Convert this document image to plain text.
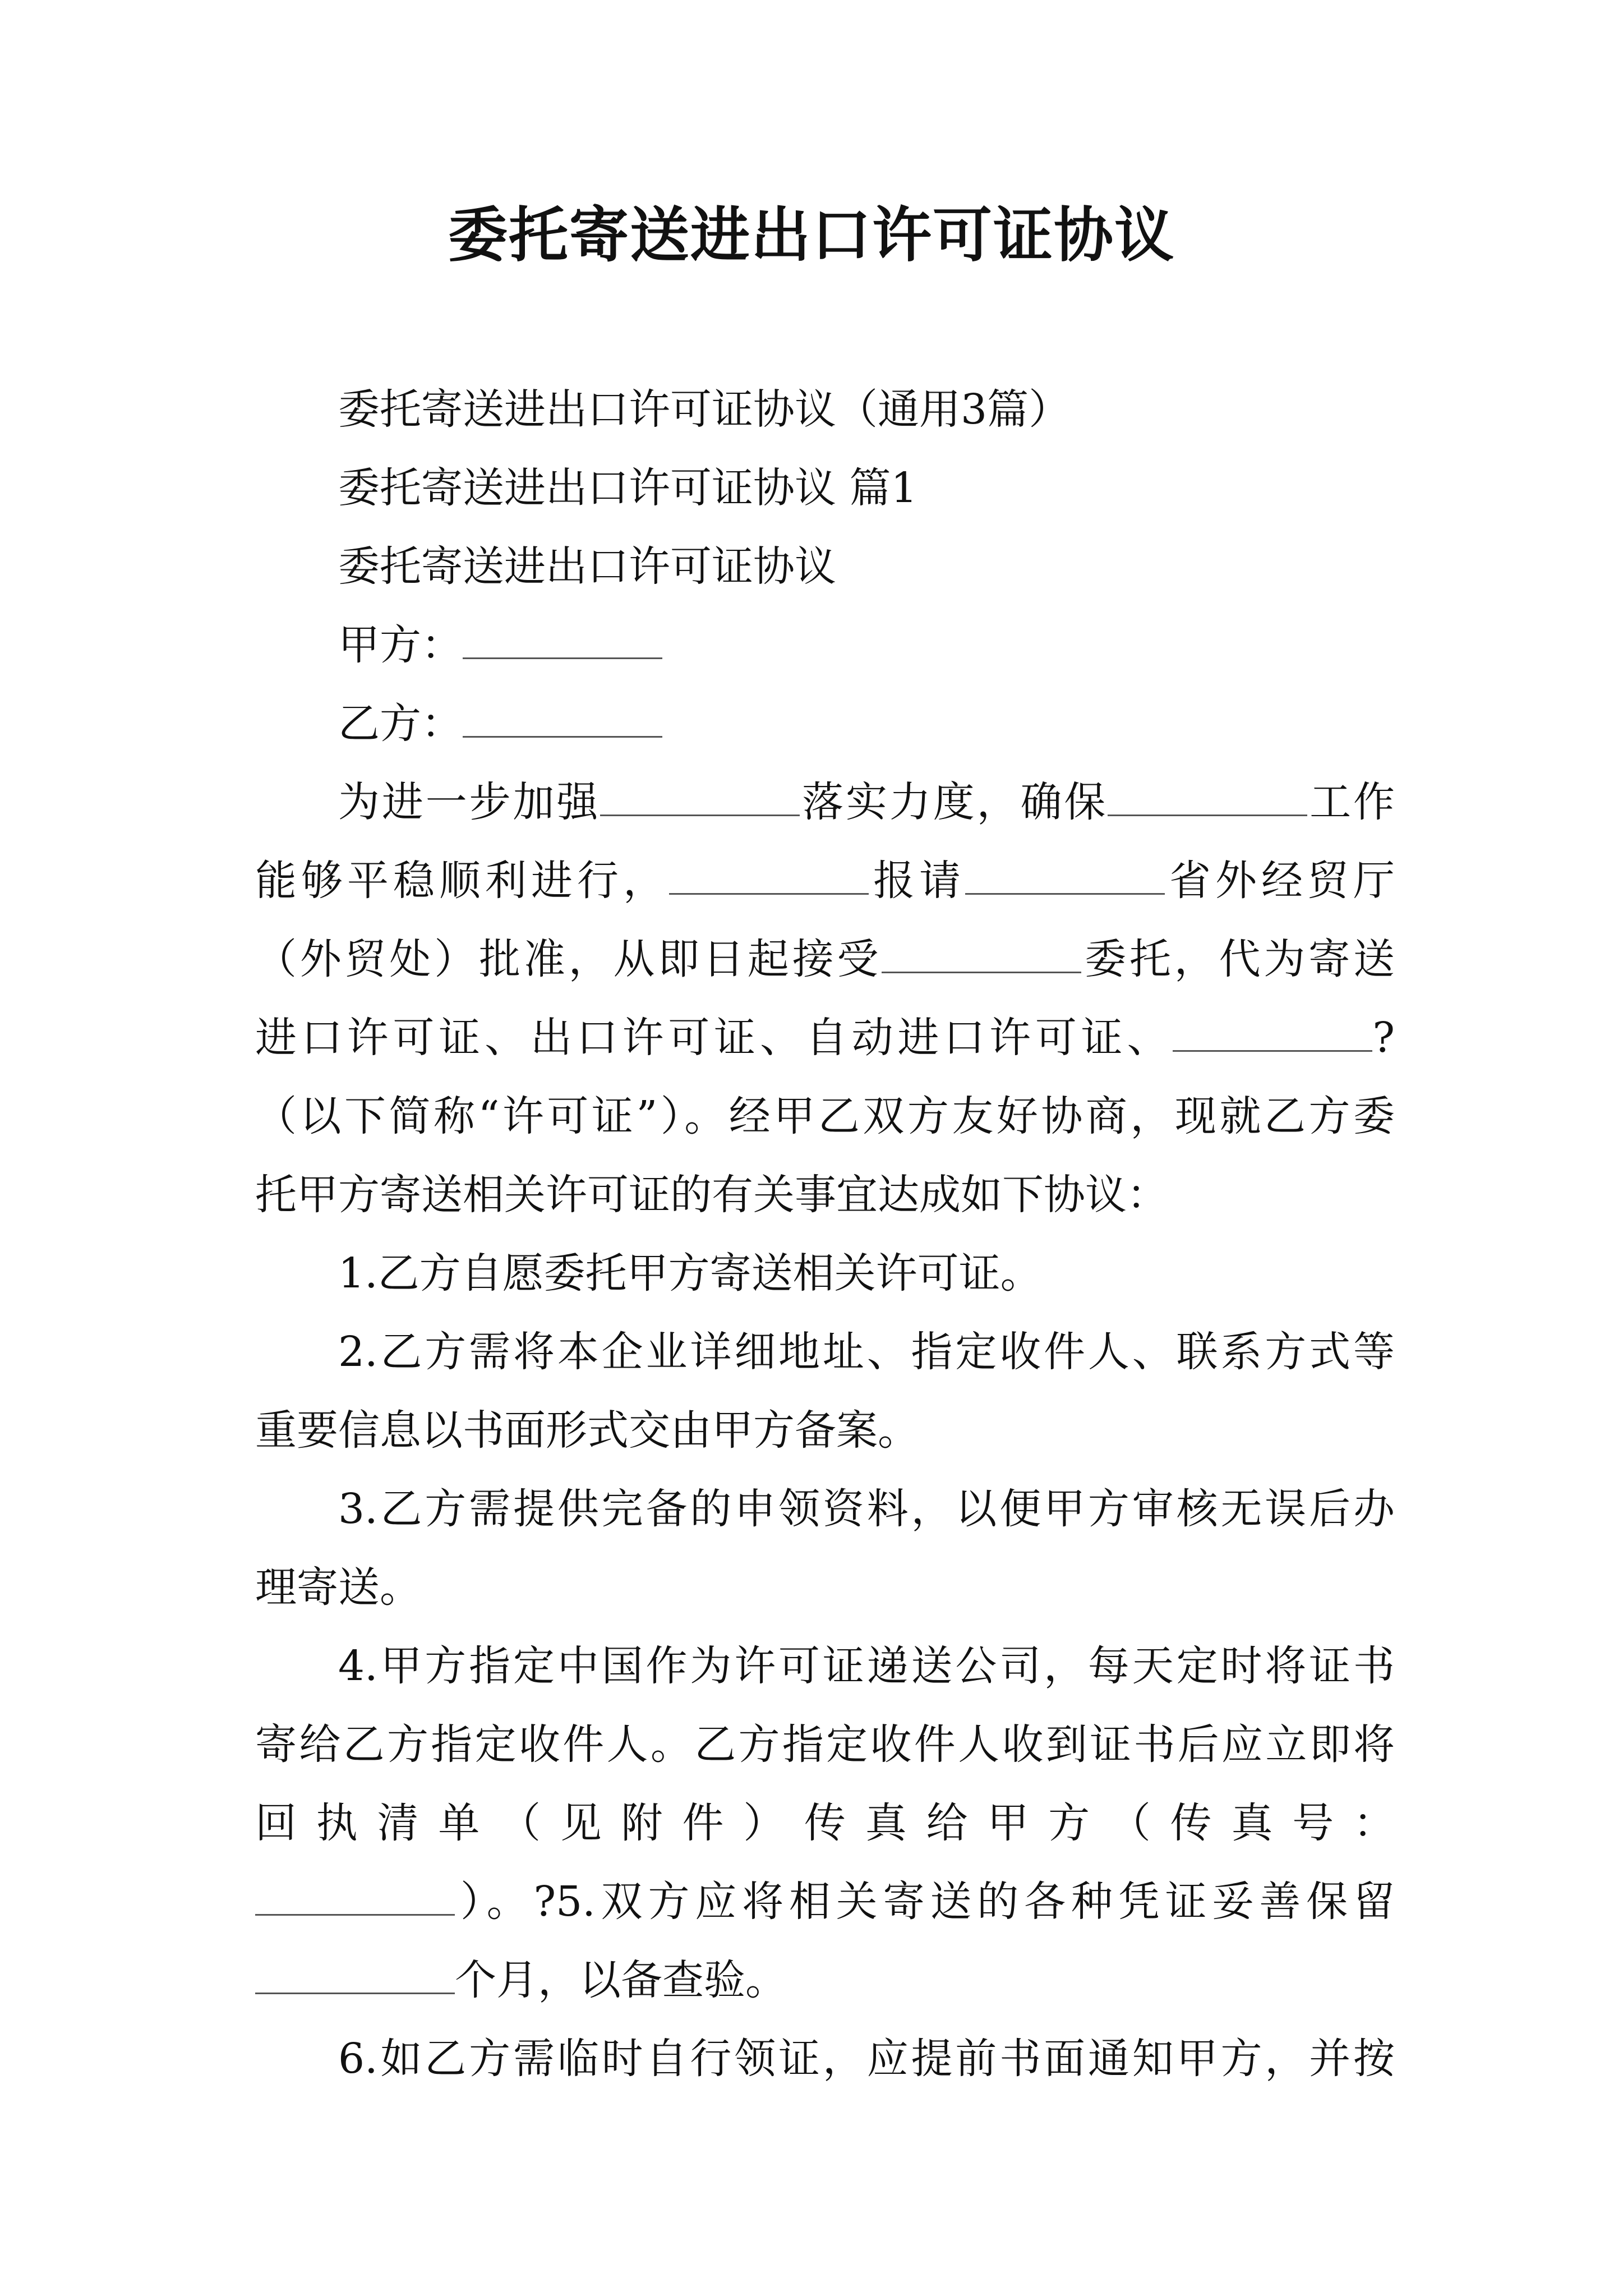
委托寄送进出口许可证协议
委托寄送进出口许可证协议（通用3篇）
委托寄送进出口许可证协议 篇1
委托寄送进出口许可证协议
甲方：
乙方：
为进一步加强	落实力度，确保	工作
能够平稳顺利进行，	报请	省外经贸厅
（外贸处）批准，从即日起接受	委托，代为寄送
进口许可证、出口许可证、自动进口许可证、	?
（以下简称“许可证”）。经甲乙双方友好协商，现就乙方委
托甲方寄送相关许可证的有关事宜达成如下协议：
1.乙方自愿委托甲方寄送相关许可证。
2.乙方需将本企业详细地址、指定收件人、联系方式等
重要信息以书面形式交由甲方备案。
3.乙方需提供完备的申领资料，以便甲方审核无误后办
理寄送。
4.甲方指定中国作为许可证递送公司，每天定时将证书
寄给乙方指定收件人。乙方指定收件人收到证书后应立即将
回 执 清 单 （ 见 附 件 ） 传 真 给 甲 方 （ 传 真 号 ：
）。?5.双方应将相关寄送的各种凭证妥善保留
个月，以备查验。
6.如乙方需临时自行领证，应提前书面通知甲方，并按
